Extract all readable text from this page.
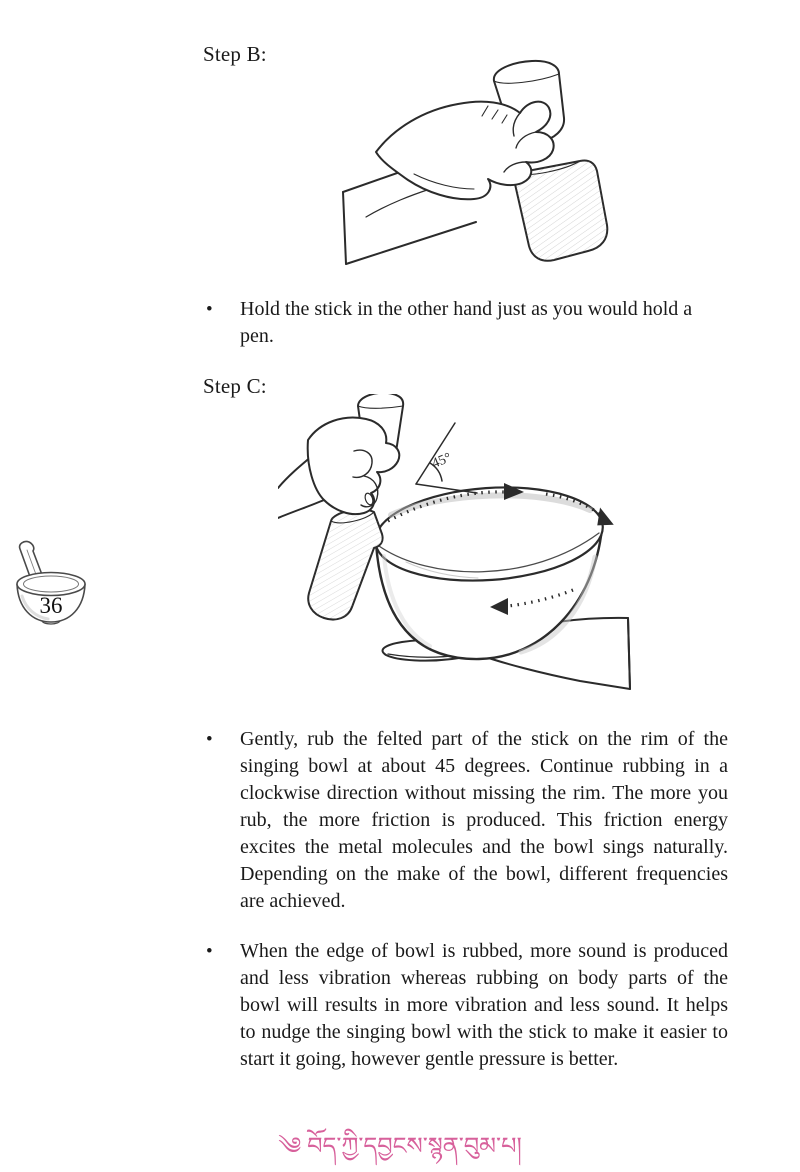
Step B:
•	Hold the stick in the other hand just as you would hold a pen.

Step C:
45°
•	Gently, rub the felted part of the stick on the rim of the singing bowl at about 45 degrees. Continue rubbing in a clockwise direction without missing the rim. The more you rub, the more friction is produced. This friction energy excites the metal molecules and the bowl sings naturally. Depending on the make of the bowl, different frequencies are achieved.

•	When the edge of bowl is rubbed, more sound is produced and less vibration whereas rubbing on body parts of the bowl will results in more vibration and less sound. It helps to nudge the singing bowl with the stick to make it easier to start it going, however gentle pressure is better.

36
༄ བོད་ཀྱི་དབྱངས་སྙན་བུམ་པ།
